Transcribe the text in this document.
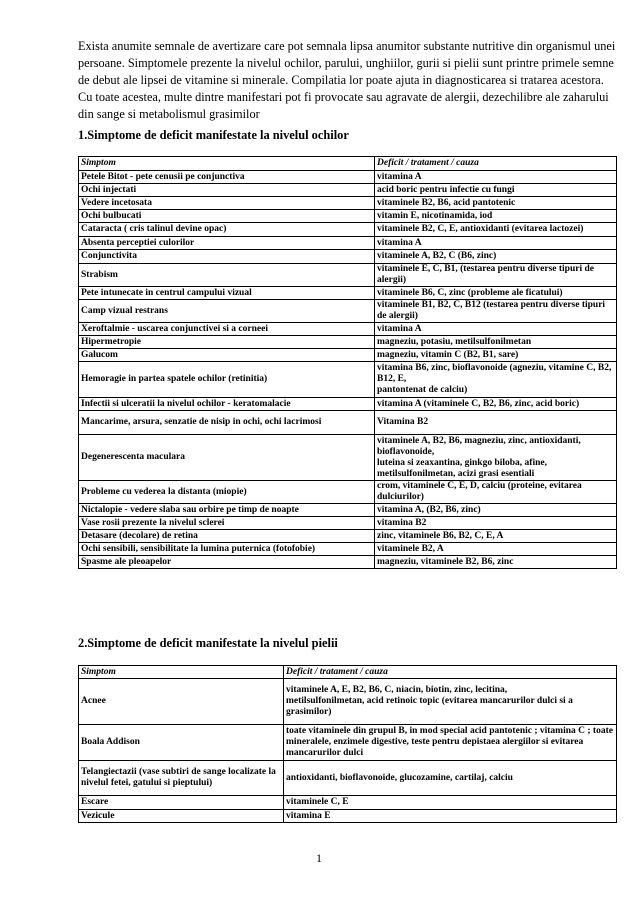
Exista anumite semnale de avertizare care pot semnala lipsa anumitor substante nutritive din organismul unei persoane. Simptomele prezente la nivelul ochilor, parului, unghiilor, gurii si pielii sunt printre primele semne de debut ale lipsei de vitamine si minerale. Compilatia lor poate ajuta in diagnosticarea si tratarea acestora. Cu toate acestea, multe dintre manifestari pot fi provocate sau agravate de alergii, dezechilibre ale zaharului din sange si metabolismul grasimilor

1.Simptome de deficit manifestate la nivelul ochilor
Simptom	Deficit / tratament / cauza
Petele Bitot - pete cenusii pe conjunctiva	vitamina A
Ochi injectati	acid boric pentru infectie cu fungi
Vedere incetosata	vitaminele B2, B6, acid pantotenic
Ochi bulbucati	vitamin E, nicotinamida, iod
Cataracta ( cris talinul devine opac)	vitaminele B2, C, E, antioxidanti (evitarea lactozei)
Absenta perceptiei culorilor	vitamina A
Conjunctivita	vitaminele A, B2, C (B6, zinc)
Strabism	vitaminele E, C, B1, (testarea pentru diverse tipuri de alergii)
Pete intunecate in centrul campului vizual	vitaminele B6, C, zinc (probleme ale ficatului)
Camp vizual restrans	vitaminele B1, B2, C, B12 (testarea pentru diverse tipuri de alergii)
Xeroftalmie - uscarea conjunctivei si a corneei	vitamina A
Hipermetropie	magneziu, potasiu, metilsulfonilmetan
Galucom	magneziu, vitamin C (B2, B1, sare)
Hemoragie in partea spatele ochilor (retinitia)	vitamina B6, zinc, bioflavonoide (agneziu, vitamine C, B2, B12, E,
pantontenat de calciu)
Infectii si ulceratii la nivelul ochilor - keratomalacie	vitamina A (vitaminele C, B2, B6, zinc, acid boric)
Mancarime, arsura, senzatie de nisip in ochi, ochi lacrimosi	Vitamina B2
Degenerescenta maculara	vitaminele A, B2, B6, magneziu, zinc, antioxidanti, bioflavonoide,
luteina si zeaxantina, ginkgo biloba, afine,
metilsulfonilmetan, acizi grasi esentiali
Probleme cu vederea la distanta (miopie)	crom, vitaminele C, E, D, calciu (proteine, evitarea dulciurilor)
Nictalopie - vedere slaba sau orbire pe timp de noapte	vitamina A, (B2, B6, zinc)
Vase rosii prezente la nivelul sclerei	vitamina B2
Detasare (decolare) de retina	zinc, vitaminele B6, B2, C, E, A
Ochi sensibili, sensibilitate la lumina puternica (fotofobie)	vitaminele B2, A
Spasme ale pleoapelor	magneziu, vitaminele B2, B6, zinc
2.Simptome de deficit manifestate la nivelul pielii
Simptom	Deficit / tratament / cauza
Acnee	vitaminele A, E, B2, B6, C, niacin, biotin, zinc, lecitina,
metilsulfonilmetan, acid retinoic topic (evitarea mancarurilor dulci si a grasimilor)
Boala Addison	toate vitaminele din grupul B, in mod special acid pantotenic ; vitamina C ; toate mineralele, enzimele digestive, teste pentru depistaea alergiilor si evitarea mancarurilor dulci
Telangiectazii (vase subtiri de sange localizate la nivelul fetei, gatului si pieptului)	antioxidanti, bioflavonoide, glucozamine, cartilaj, calciu
Escare	vitaminele C, E
Vezicule	vitamina E
1
